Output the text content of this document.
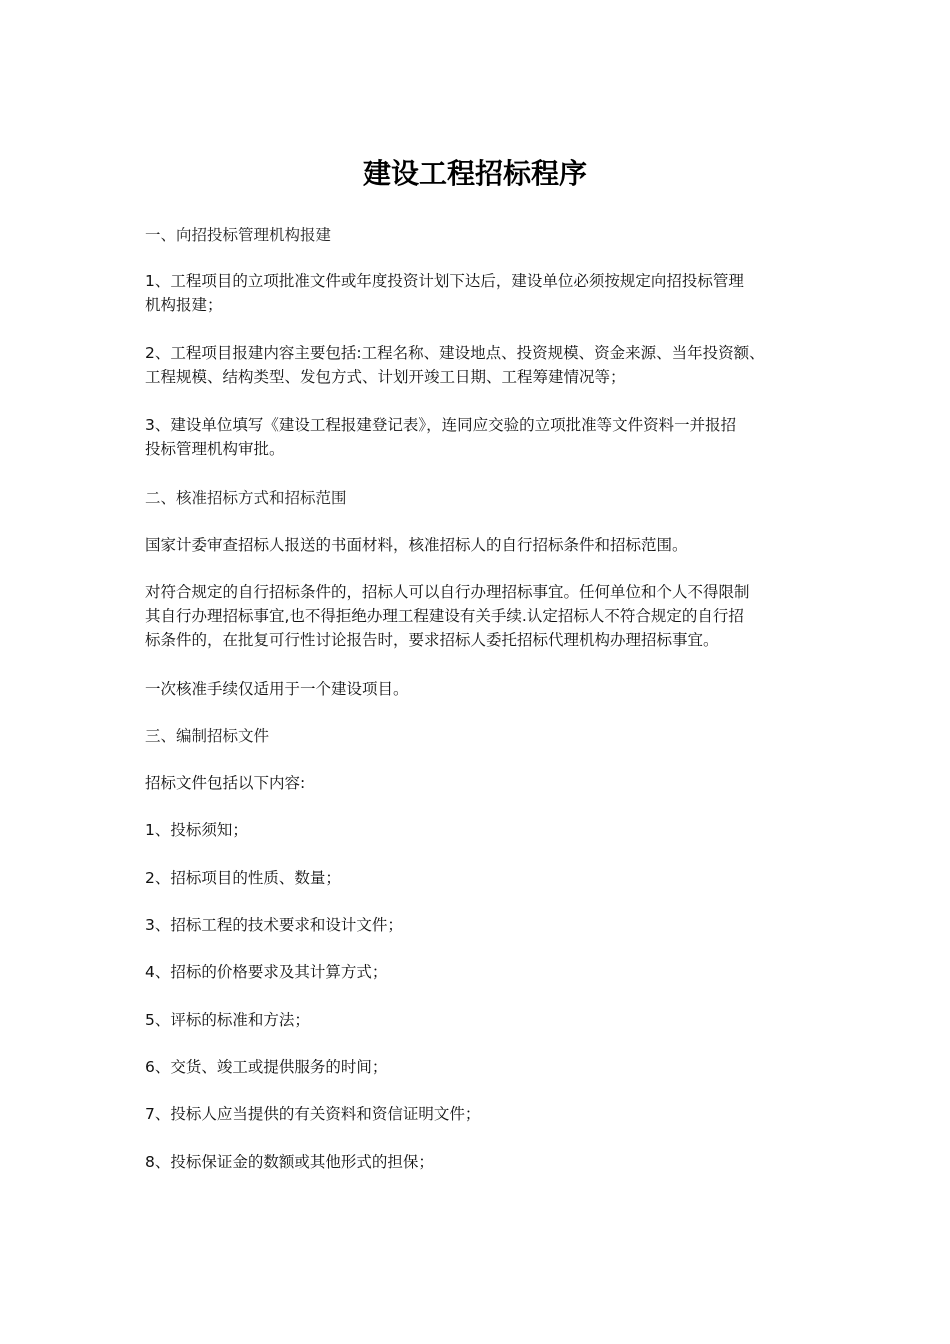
建设工程招标程序

一、向招投标管理机构报建

1、工程项目的立项批准文件或年度投资计划下达后，建设单位必须按规定向招投标管理
机构报建；

2、工程项目报建内容主要包括:工程名称、建设地点、投资规模、资金来源、当年投资额、
工程规模、结构类型、发包方式、计划开竣工日期、工程筹建情况等；

3、建设单位填写《建设工程报建登记表》，连同应交验的立项批准等文件资料一并报招
投标管理机构审批。

二、核准招标方式和招标范围

国家计委审查招标人报送的书面材料，核准招标人的自行招标条件和招标范围。

对符合规定的自行招标条件的，招标人可以自行办理招标事宜。任何单位和个人不得限制
其自行办理招标事宜,也不得拒绝办理工程建设有关手续.认定招标人不符合规定的自行招
标条件的，在批复可行性讨论报告时，要求招标人委托招标代理机构办理招标事宜。

一次核准手续仅适用于一个建设项目。

三、编制招标文件

招标文件包括以下内容:

1、投标须知；

2、招标项目的性质、数量；

3、招标工程的技术要求和设计文件；

4、招标的价格要求及其计算方式；

5、评标的标准和方法；

6、交货、竣工或提供服务的时间；

7、投标人应当提供的有关资料和资信证明文件；

8、投标保证金的数额或其他形式的担保；
